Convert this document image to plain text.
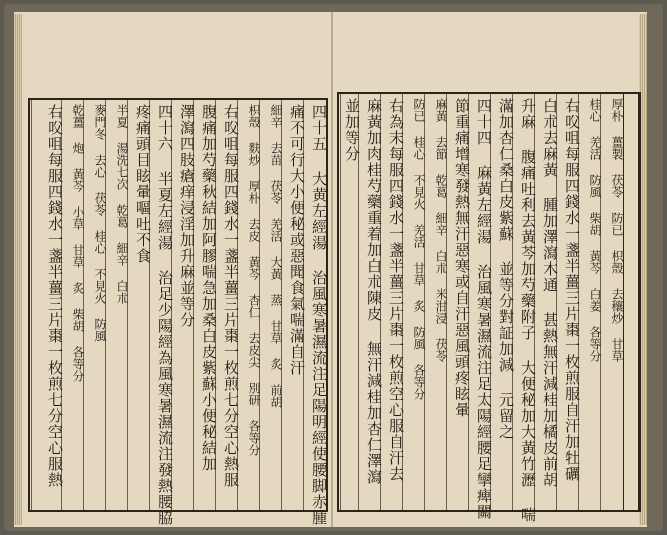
四十五 大黄左經湯 治風寒暑濕流注足陽明經使腰脚赤腫
痛不可行大小便秘或惡聞食氣喘滿自汗
細辛 去苗 茯苓 羌活 大黃 蒸 甘草 炙 前胡
枳殼 麩炒 厚朴 去皮 黃芩 杏仁 去皮尖 別研 各等分
右㕮咀每服四錢水一盞半薑三片棗一枚煎七分空心熱服
腹痛加芍藥秋結加阿膠喘急加桑白皮紫蘇小便秘結加
澤瀉四肢瘡痒浸淫加升麻並等分
四十六 半夏左經湯 治足少陽經為風寒暑濕流注發熱腰脇
疼痛頭目眩暈嘔吐不食
半夏 湯洗七次 乾葛 細辛 白朮
麥門冬 去心 茯苓 桂心 不見火 防風
乾薑 炮 黃芩 小草 甘草 炙 柴胡 各等分
右㕮咀每服四錢水一盞半薑三片棗一枚煎七分空心服熱	厚朴 薑製 茯苓 防已 枳殼 去穰炒 甘草
桂心 羌活 防風 柴胡 黃芩 白姜 各等分
右㕮咀每服四錢水一盞半薑三片棗一枚煎服自汗加牡礪
白朮去麻黃 腫加澤瀉木通 甚熱無汗減桂加橘皮前胡
升麻 腹痛吐利去黃芩加芍藥附子 大便秘加大黃竹瀝 喘
滿加杏仁桑白皮紫蘇 並等分對証加減 元留之
四十四 麻黃左經湯 治風寒暑濕流注足太陽經腰足攣痺關
節重痛增寒發熱無汗惡寒或自汗惡風頭疼眩暈
麻黃 去節 乾葛 細辛 白朮 米泔浸 茯苓
防已 桂心 不見火 羌活 甘草 炙 防風 各等分
右為末每服四錢水一盞半薑三片棗一枚煎空心服自汗去
麻黃加肉桂芍藥重着加白朮陳皮 無汗減桂加杏仁澤瀉
並加等分
